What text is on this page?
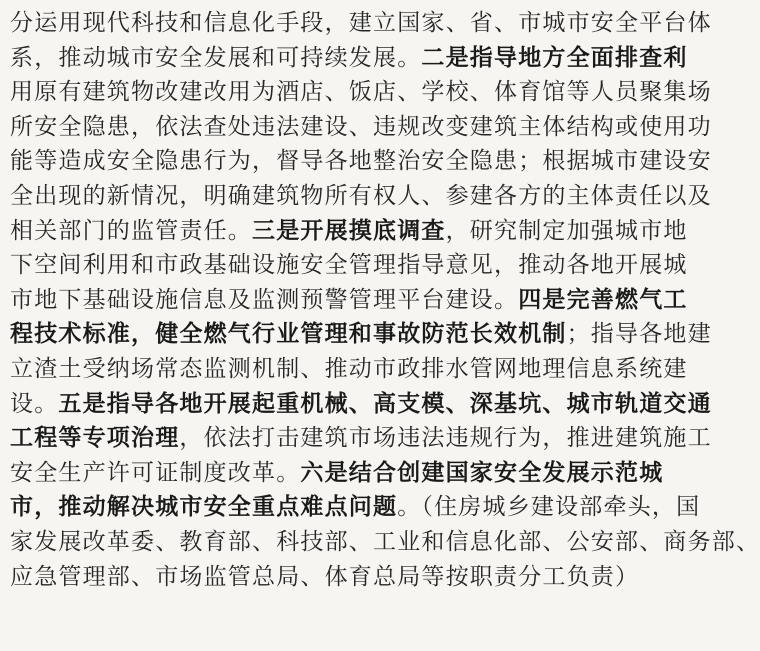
分运用现代科技和信息化手段，建立国家、省、市城市安全平台体
系，推动城市安全发展和可持续发展。二是指导地方全面排查利
用原有建筑物改建改用为酒店、饭店、学校、体育馆等人员聚集场
所安全隐患，依法查处违法建设、违规改变建筑主体结构或使用功
能等造成安全隐患行为，督导各地整治安全隐患；根据城市建设安
全出现的新情况，明确建筑物所有权人、参建各方的主体责任以及
相关部门的监管责任。三是开展摸底调查，研究制定加强城市地
下空间利用和市政基础设施安全管理指导意见，推动各地开展城
市地下基础设施信息及监测预警管理平台建设。四是完善燃气工
程技术标准，健全燃气行业管理和事故防范长效机制；指导各地建
立渣土受纳场常态监测机制、推动市政排水管网地理信息系统建
设。五是指导各地开展起重机械、高支模、深基坑、城市轨道交通
工程等专项治理，依法打击建筑市场违法违规行为，推进建筑施工
安全生产许可证制度改革。六是结合创建国家安全发展示范城
市，推动解决城市安全重点难点问题。（住房城乡建设部牵头，国
家发展改革委、教育部、科技部、工业和信息化部、公安部、商务部、
应急管理部、市场监管总局、体育总局等按职责分工负责）
